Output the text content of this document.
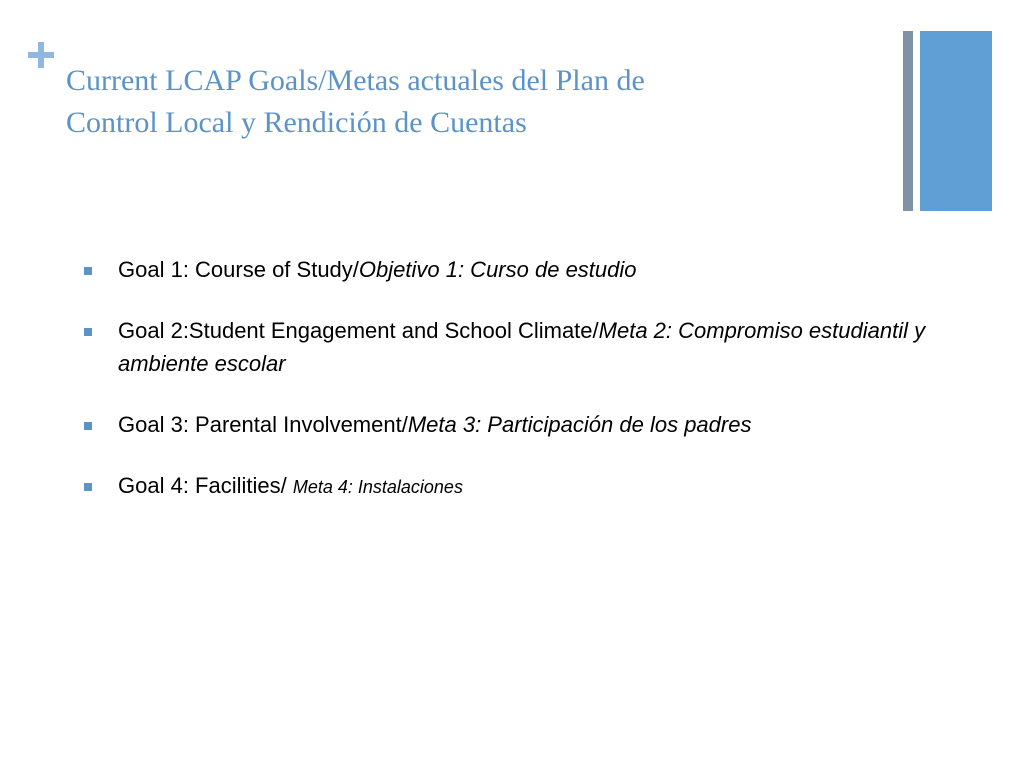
Current LCAP Goals/Metas actuales del Plan de
Control Local y Rendición de Cuentas
Goal 1: Course of Study/Objetivo 1: Curso de estudio
Goal 2:Student Engagement and School Climate/Meta 2: Compromiso estudiantil y ambiente escolar
Goal 3: Parental Involvement/Meta 3: Participación de los padres
Goal 4: Facilities/ Meta 4: Instalaciones
